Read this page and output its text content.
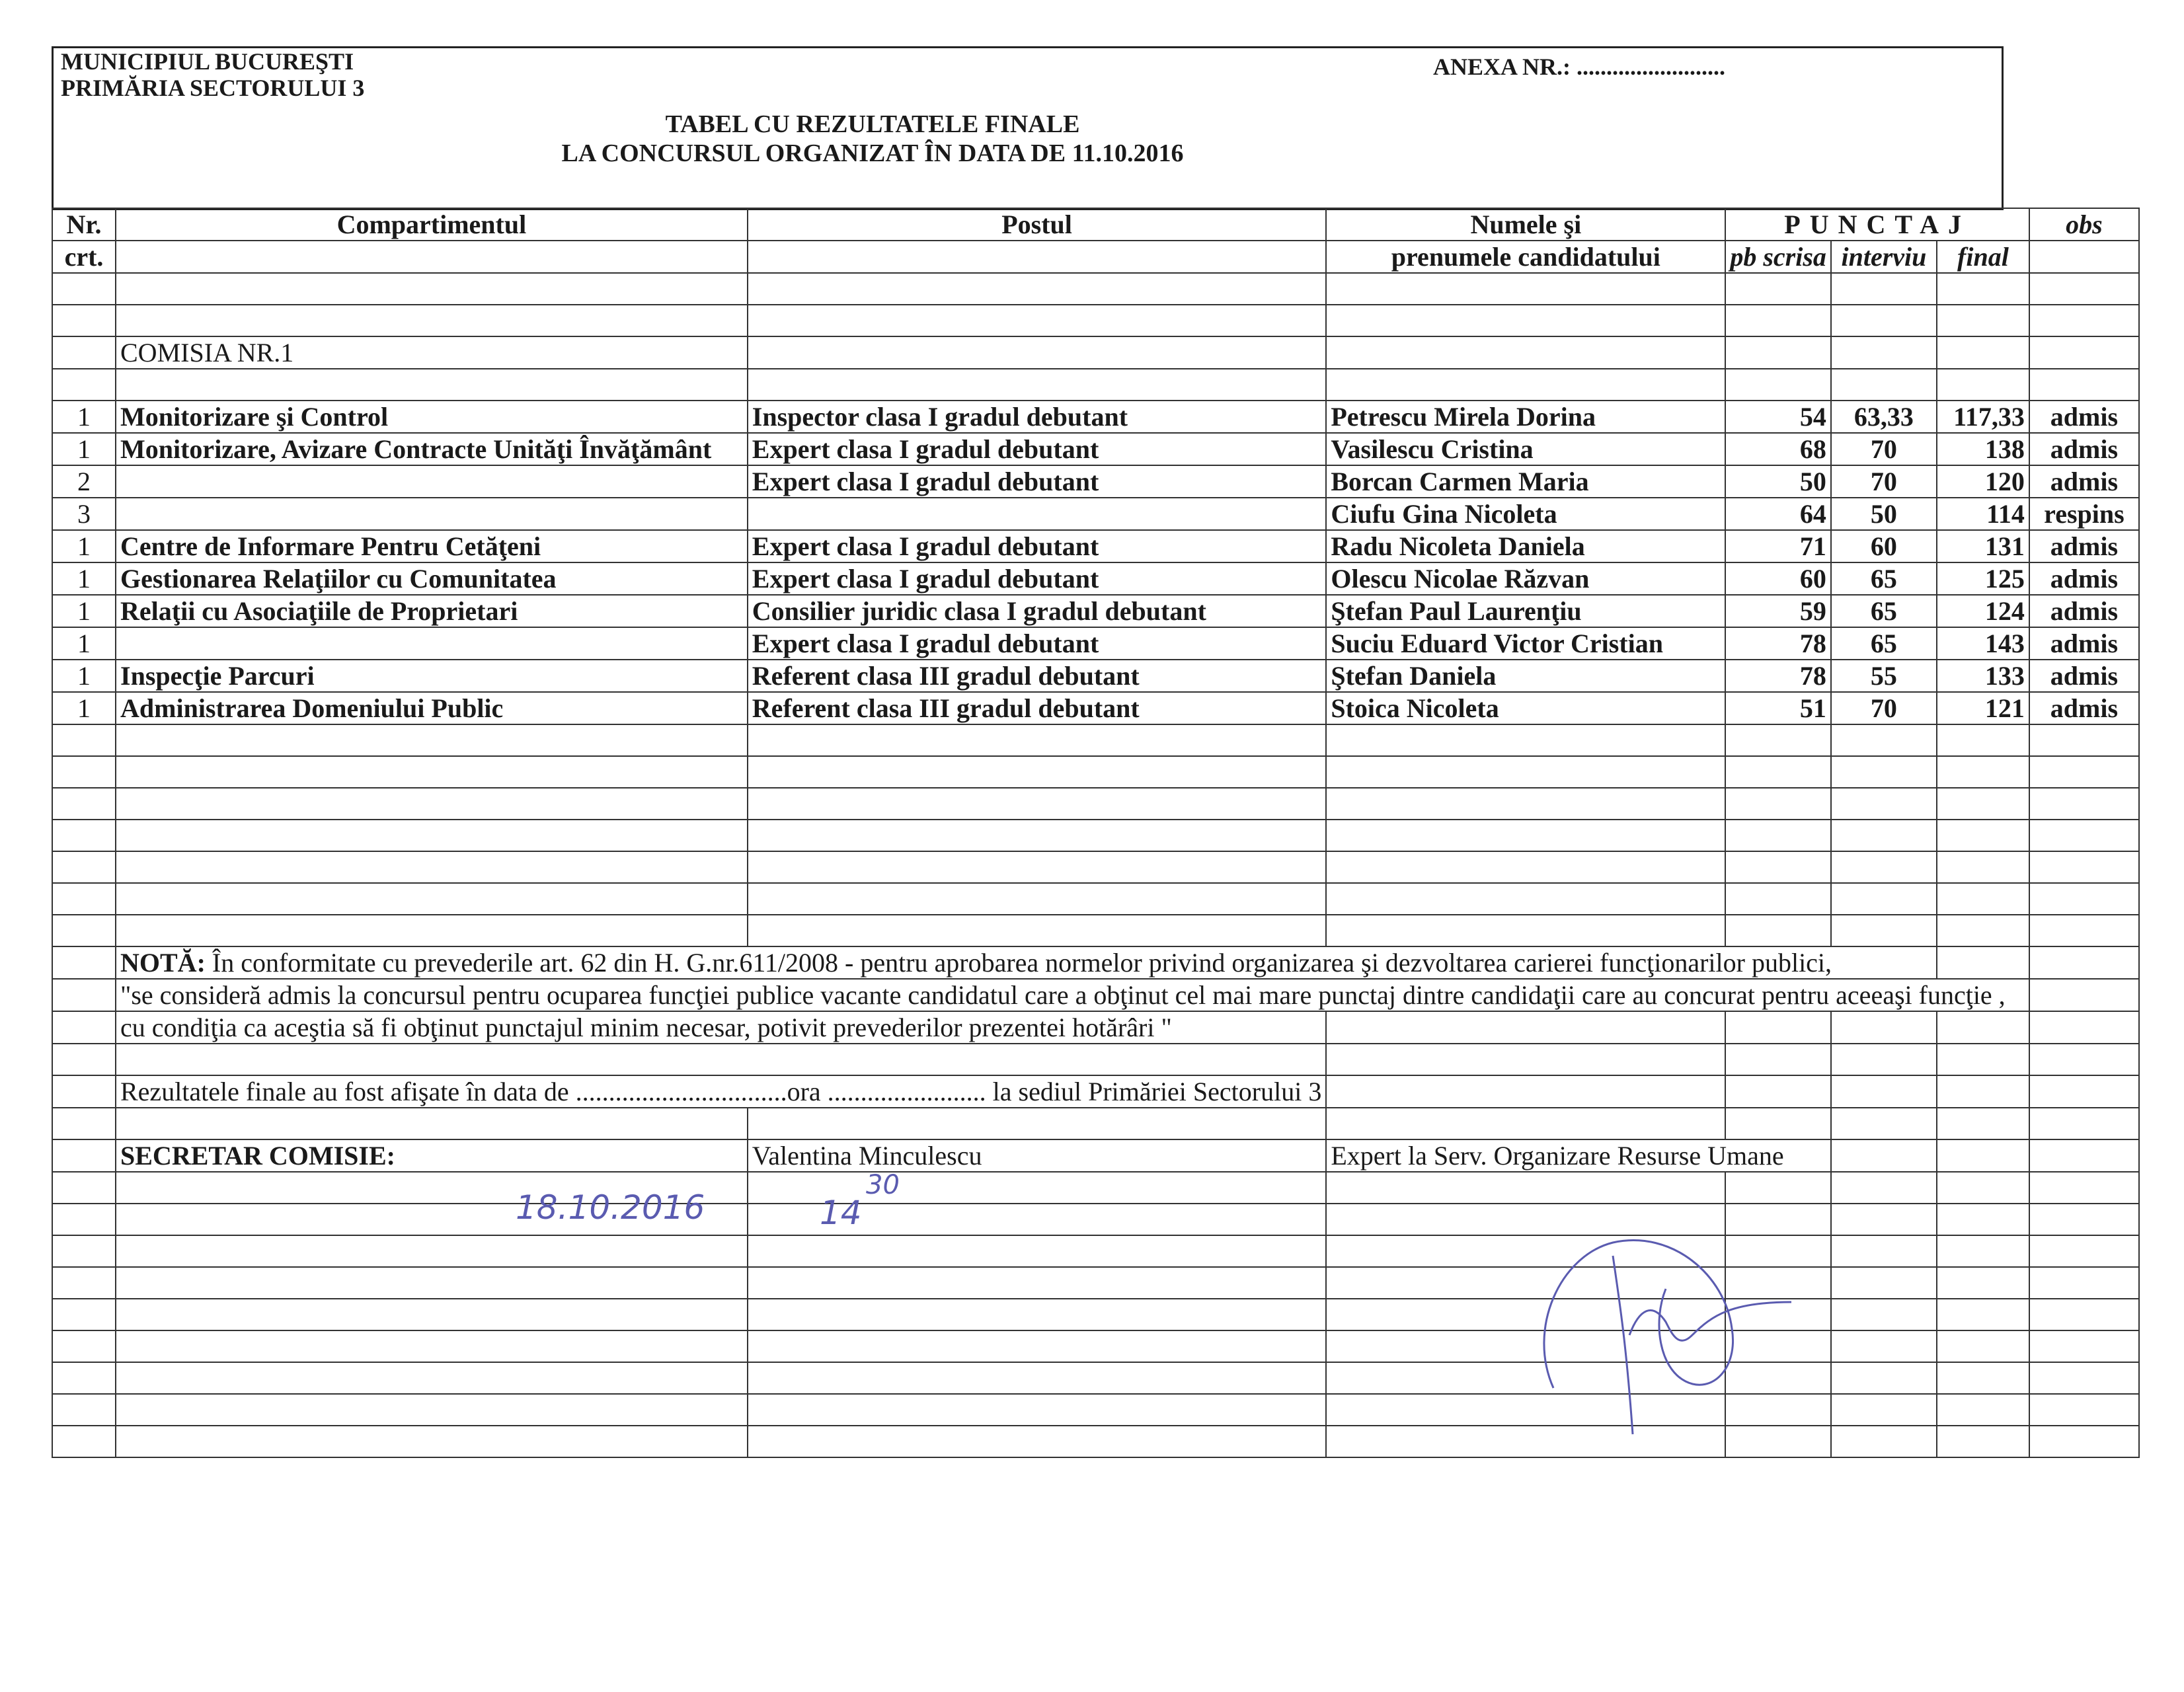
MUNICIPIUL BUCUREŞTI
PRIMĂRIA SECTORULUI 3
ANEXA NR.: .........................
TABEL CU REZULTATELE FINALE
LA CONCURSUL ORGANIZAT ÎN DATA DE 11.10.2016
Nr.	Compartimentul	Postul	Numele şi	PUNCTAJ			obs
crt.			prenumele candidatului	pb scrisa	interviu	final	

	COMISIA NR.1						

1	Monitorizare şi Control	Inspector clasa I gradul debutant	Petrescu Mirela Dorina	54	63,33	117,33	admis
1	Monitorizare, Avizare Contracte Unităţi Învăţământ	Expert clasa I gradul debutant	Vasilescu Cristina	68	70	138	admis
2		Expert clasa I gradul debutant	Borcan Carmen Maria	50	70	120	admis
3			Ciufu Gina Nicoleta	64	50	114	respins
1	Centre de Informare Pentru Cetăţeni	Expert clasa I gradul debutant	Radu Nicoleta Daniela	71	60	131	admis
1	Gestionarea Relaţiilor cu Comunitatea	Expert clasa I gradul debutant	Olescu Nicolae Răzvan	60	65	125	admis
1	Relaţii cu Asociaţiile de Proprietari	Consilier juridic clasa I gradul debutant	Ştefan Paul Laurenţiu	59	65	124	admis
1		Expert clasa I gradul debutant	Suciu Eduard Victor Cristian	78	65	143	admis
1	Inspecţie Parcuri	Referent clasa III gradul debutant	Ştefan Daniela	78	55	133	admis
1	Administrarea Domeniului Public	Referent clasa III gradul debutant	Stoica Nicoleta	51	70	121	admis

	NOTĂ: În conformitate cu prevederile art. 62 din H. G.nr.611/2008 - pentru aprobarea normelor privind organizarea şi dezvoltarea carierei funcţionarilor publici,						
	"se consideră admis la concursul pentru ocuparea funcţiei publice vacante candidatul care a obţinut cel mai mare punctaj dintre candidaţii care au concurat pentru aceeaşi funcţie ,						
	cu condiţia ca aceştia să fi obţinut punctajul minim necesar, potivit prevederilor prezentei hotărâri "						

	Rezultatele finale au fost afişate în data de ................................ora ........................ la sediul Primăriei Sectorului 3						

	SECRETAR COMISIE:	Valentina Minculescu	Expert la Serv. Organizare Resurse Umane				

18.10.2016	14
30
